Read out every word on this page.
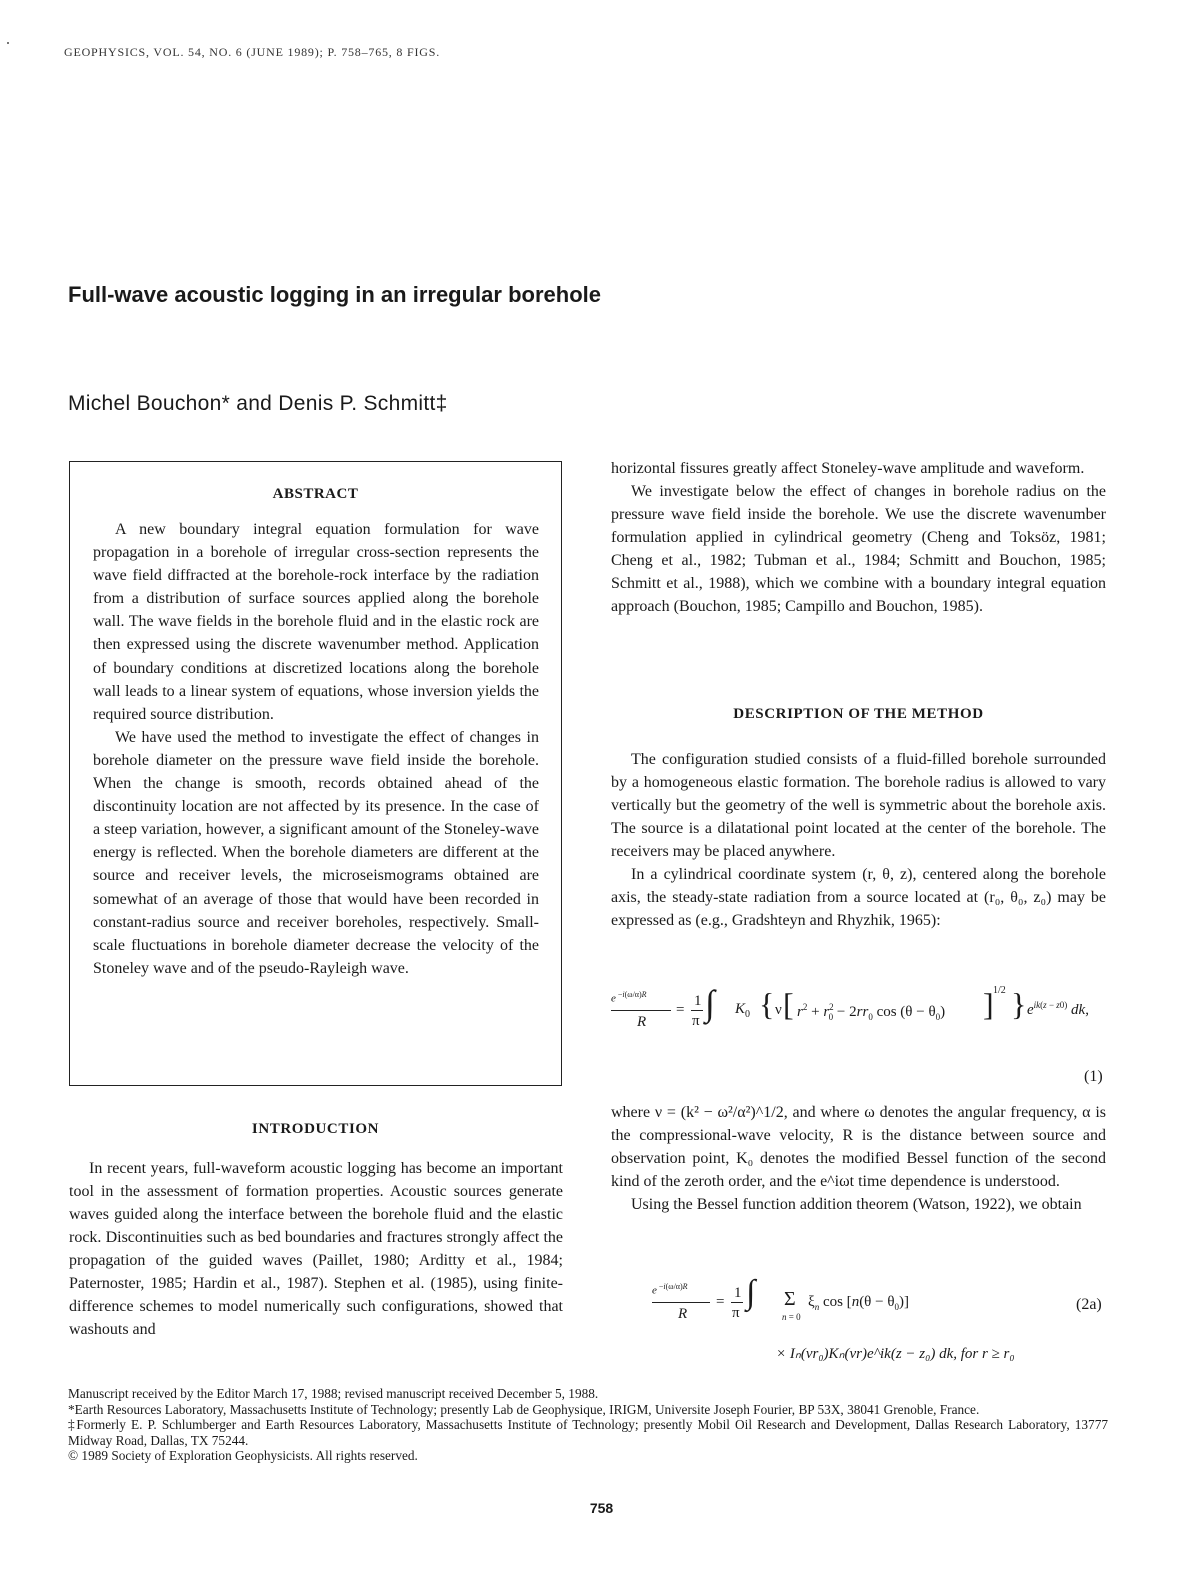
GEOPHYSICS, VOL. 54, NO. 6 (JUNE 1989); P. 758–765, 8 FIGS.
Full-wave acoustic logging in an irregular borehole
Michel Bouchon* and Denis P. Schmitt‡
ABSTRACT

A new boundary integral equation formulation for wave propagation in a borehole of irregular cross-section represents the wave field diffracted at the borehole-rock interface by the radiation from a distribution of surface sources applied along the borehole wall. The wave fields in the borehole fluid and in the elastic rock are then expressed using the discrete wavenumber method. Application of boundary conditions at discretized locations along the borehole wall leads to a linear system of equations, whose inversion yields the required source distribution.

We have used the method to investigate the effect of changes in borehole diameter on the pressure wave field inside the borehole. When the change is smooth, records obtained ahead of the discontinuity location are not affected by its presence. In the case of a steep variation, however, a significant amount of the Stoneley-wave energy is reflected. When the borehole diameters are different at the source and receiver levels, the microseismograms obtained are somewhat of an average of those that would have been recorded in constant-radius source and receiver boreholes, respectively. Small-scale fluctuations in borehole diameter decrease the velocity of the Stoneley wave and of the pseudo-Rayleigh wave.

INTRODUCTION

In recent years, full-waveform acoustic logging has become an important tool in the assessment of formation properties. Acoustic sources generate waves guided along the interface between the borehole fluid and the elastic rock. Discontinuities such as bed boundaries and fractures strongly affect the propagation of the guided waves (Paillet, 1980; Arditty et al., 1984; Paternoster, 1985; Hardin et al., 1987). Stephen et al. (1985), using finite-difference schemes to model numerically such configurations, showed that washouts and

horizontal fissures greatly affect Stoneley-wave amplitude and waveform.

We investigate below the effect of changes in borehole radius on the pressure wave field inside the borehole. We use the discrete wavenumber formulation applied in cylindrical geometry (Cheng and Toksöz, 1981; Cheng et al., 1982; Tubman et al., 1984; Schmitt and Bouchon, 1985; Schmitt et al., 1988), which we combine with a boundary integral equation approach (Bouchon, 1985; Campillo and Bouchon, 1985).

DESCRIPTION OF THE METHOD

The configuration studied consists of a fluid-filled borehole surrounded by a homogeneous elastic formation. The borehole radius is allowed to vary vertically but the geometry of the well is symmetric about the borehole axis. The source is a dilatational point located at the center of the borehole. The receivers may be placed anywhere.

In a cylindrical coordinate system (r, θ, z), centered along the borehole axis, the steady-state radiation from a source located at (r₀, θ₀, z₀) may be expressed as (e.g., Gradshteyn and Rhyzhik, 1965):

e $^{-i(\omega/\alpha)R}$
R
=
1
π ∫ $K_0$ { ν [ $r^2 + r^2_0 - 2rr_0$ $\cos (\theta - \theta_0)$ ] 1/2 } $e^{ik(z - z0)}$ dk,
(1)

where ν = (k² − ω²/α²)^1/2, and where ω denotes the angular frequency, α is the compressional-wave velocity, R is the distance between source and observation point, K₀ denotes the modified Bessel function of the second kind of the zeroth order, and the e^iωt time dependence is understood.

Using the Bessel function addition theorem (Watson, 1922), we obtain

e $^{-i(\omega/\alpha)R}$
R
=
1
π
∫ Σ
n = 0
$\xi_n$ $\cos [n(\theta - \theta_0)]$	(2a)
× Iₙ(νr₀)Kₙ(νr)e^ik(z − z₀) dk, for r ≥ r₀
Manuscript received by the Editor March 17, 1988; revised manuscript received December 5, 1988.
*Earth Resources Laboratory, Massachusetts Institute of Technology; presently Lab de Geophysique, IRIGM, Universite Joseph Fourier, BP 53X, 38041 Grenoble, France.
‡Formerly E. P. Schlumberger and Earth Resources Laboratory, Massachusetts Institute of Technology; presently Mobil Oil Research and Development, Dallas Research Laboratory, 13777 Midway Road, Dallas, TX 75244.
© 1989 Society of Exploration Geophysicists. All rights reserved.
758
